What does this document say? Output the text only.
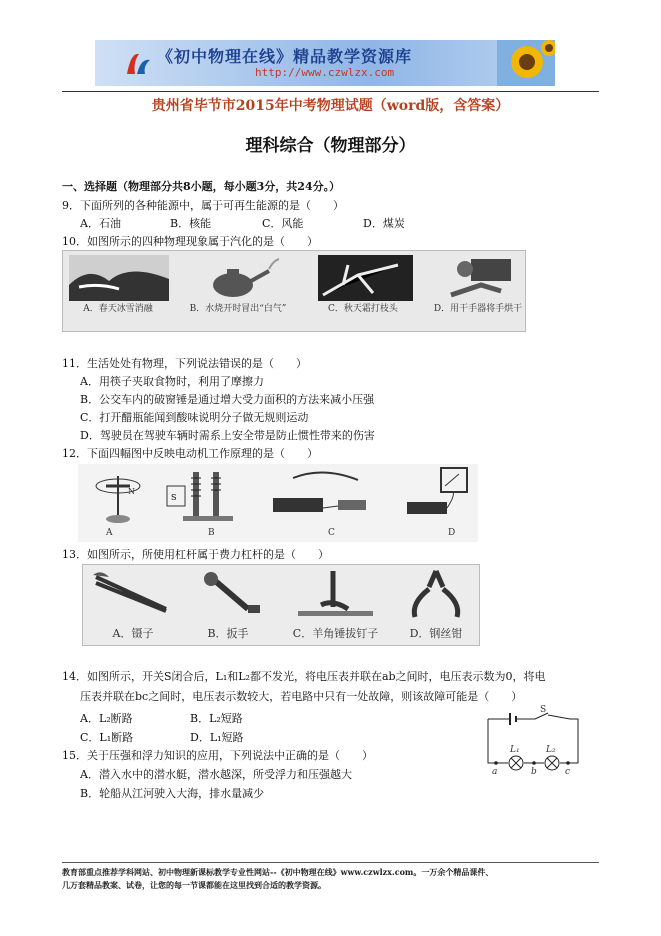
《初中物理在线》精品教学资源库
http://www.czwlzx.com
贵州省毕节市2015年中考物理试题（word版，含答案）
理科综合（物理部分）
一、选择题（物理部分共8小题，每小题3分，共24分。）
9．下面所列的各种能源中，属于可再生能源的是（　　）
A．石油	B．核能	C．风能	D．煤炭
10．如图所示的四种物理现象属于汽化的是（　　）
A．春天冰雪消融	B．水烧开时冒出“白气”	C．秋天霜打枝头	D．用干手器将手烘干
11．生活处处有物理，下列说法错误的是（　　）
A．用筷子夹取食物时，利用了摩擦力
B．公交车内的破窗锤是通过增大受力面积的方法来减小压强
C．打开醋瓶能闻到酸味说明分子做无规则运动
D．驾驶员在驾驶车辆时需系上安全带是防止惯性带来的伤害
12．下面四幅图中反映电动机工作原理的是（　　）
N
S
A	B	C	D
13．如图所示，所使用杠杆属于费力杠杆的是（　　）
A．镊子	B．扳手	C．羊角锤拔钉子	D．钢丝钳
14．如图所示，开关S闭合后，L₁和L₂都不发光，将电压表并联在ab之间时，电压表示数为0，将电
压表并联在bc之间时，电压表示数较大，若电路中只有一处故障，则该故障可能是（　　）
A．L₂断路	B．L₂短路
C．L₁断路	D．L₁短路
S
L₁	L₂
a	b	c
15．关于压强和浮力知识的应用，下列说法中正确的是（　　）
A．潜入水中的潜水艇，潜水越深，所受浮力和压强越大
B．轮船从江河驶入大海，排水量减少
教育部重点推荐学科网站、初中物理新课标教学专业性网站--《初中物理在线》www.czwlzx.com。一万余个精品课件、
几万套精品教案、试卷，让您的每一节课都能在这里找到合适的教学资源。
